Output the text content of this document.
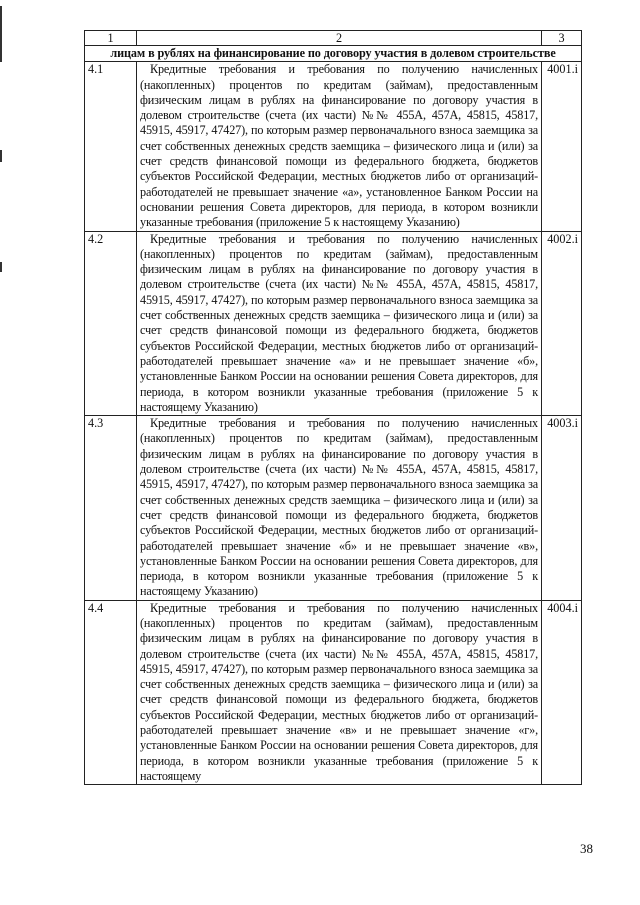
1	2	3
лицам в рублях на финансирование по договору участия в долевом строительстве		
4.1	Кредитные требования и требования по получению начисленных (накопленных) процентов по кредитам (займам), предоставленным физическим лицам в рублях на финансирование по договору участия в долевом строительстве (счета (их части) №№ 455А, 457А, 45815, 45817, 45915, 45917, 47427), по которым размер первоначального взноса заемщика за счет собственных денежных средств заемщика – физического лица и (или) за счет средств финансовой помощи из федерального бюджета, бюджетов субъектов Российской Федерации, местных бюджетов либо от организаций-работодателей не превышает значение «а», установленное Банком России на основании решения Совета директоров, для периода, в котором возникли указанные требования (приложение 5 к настоящему Указанию)	4001.i
4.2	Кредитные требования и требования по получению начисленных (накопленных) процентов по кредитам (займам), предоставленным физическим лицам в рублях на финансирование по договору участия в долевом строительстве (счета (их части) №№ 455А, 457А, 45815, 45817, 45915, 45917, 47427), по которым размер первоначального взноса заемщика за счет собственных денежных средств заемщика – физического лица и (или) за счет средств финансовой помощи из федерального бюджета, бюджетов субъектов Российской Федерации, местных бюджетов либо от организаций-работодателей превышает значение «а» и не превышает значение «б», установленные Банком России на основании решения Совета директоров, для периода, в котором возникли указанные требования (приложение 5 к настоящему Указанию)	4002.i
4.3	Кредитные требования и требования по получению начисленных (накопленных) процентов по кредитам (займам), предоставленным физическим лицам в рублях на финансирование по договору участия в долевом строительстве (счета (их части) №№ 455А, 457А, 45815, 45817, 45915, 45917, 47427), по которым размер первоначального взноса заемщика за счет собственных денежных средств заемщика – физического лица и (или) за счет средств финансовой помощи из федерального бюджета, бюджетов субъектов Российской Федерации, местных бюджетов либо от организаций-работодателей превышает значение «б» и не превышает значение «в», установленные Банком России на основании решения Совета директоров, для периода, в котором возникли указанные требования (приложение 5 к настоящему Указанию)	4003.i
4.4	Кредитные требования и требования по получению начисленных (накопленных) процентов по кредитам (займам), предоставленным физическим лицам в рублях на финансирование по договору участия в долевом строительстве (счета (их части) №№ 455А, 457А, 45815, 45817, 45915, 45917, 47427), по которым размер первоначального взноса заемщика за счет собственных денежных средств заемщика – физического лица и (или) за счет средств финансовой помощи из федерального бюджета, бюджетов субъектов Российской Федерации, местных бюджетов либо от организаций-работодателей превышает значение «в» и не превышает значение «г», установленные Банком России на основании решения Совета директоров, для периода, в котором возникли указанные требования (приложение 5 к настоящему	4004.i
38
